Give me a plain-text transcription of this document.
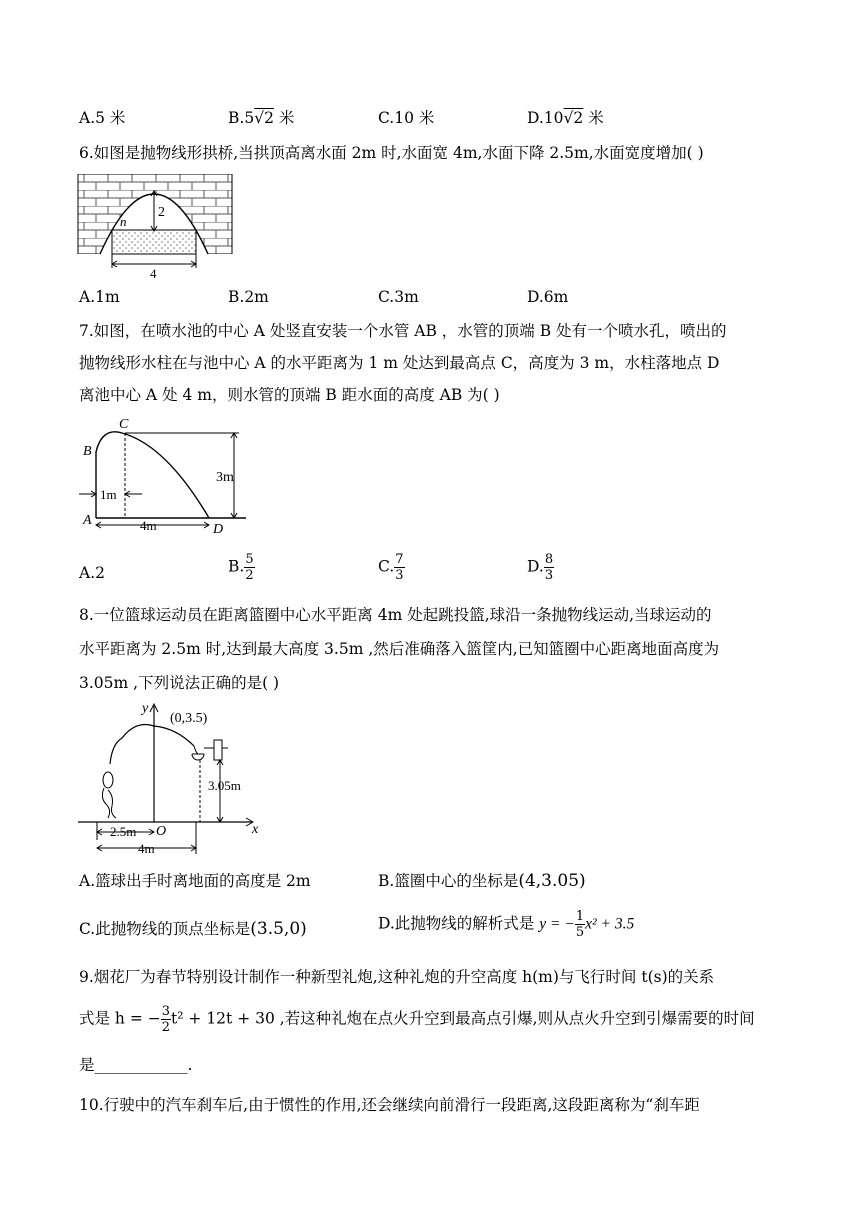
A.5 米	B.5√2 米	C.10 米	D.10√2 米
6.如图是抛物线形拱桥,当拱顶高离水面 2m 时,水面宽 4m,水面下降 2.5m,水面宽度增加( )
2
n
4
A.1m	B.2m	C.3m	D.6m
7.如图，在喷水池的中心 A 处竖直安装一个水管 AB ，水管的顶端 B 处有一个喷水孔，喷出的
抛物线形水柱在与池中心 A 的水平距离为 1 m 处达到最高点 C，高度为 3 m，水柱落地点 D
离池中心 A 处 4 m，则水管的顶端 B 距水面的高度 AB 为( )
3m
1m
4m
B
C
A
D
A.2	B. $\frac{5}{2}$	C. $\frac{7}{3}$	D. $\frac{8}{3}$
8.一位篮球运动员在距离篮圈中心水平距离 4m 处起跳投篮,球沿一条抛物线运动,当球运动的
水平距离为 2.5m 时,达到最大高度 3.5m ,然后准确落入篮筐内,已知篮圈中心距离地面高度为
3.05m ,下列说法正确的是( )
y
x
O
(0,3.5)
3.05m
2.5m
4m
A.篮球出手时离地面的高度是 2m	B.篮圈中心的坐标是(4,3.05)
C.此抛物线的顶点坐标是(3.5,0)	D.此抛物线的解析式是 y = − $\frac{1}{5} x^2 + 3.5$
9.烟花厂为春节特别设计制作一种新型礼炮,这种礼炮的升空高度 h(m)与飞行时间 t(s)的关系
式是 h = − $\frac{3}{2} t^2 + 12t + 30$ ,若这种礼炮在点火升空到最高点引爆,则从点火升空到引爆需要的时间
是____________.
10.行驶中的汽车刹车后,由于惯性的作用,还会继续向前滑行一段距离,这段距离称为“刹车距
